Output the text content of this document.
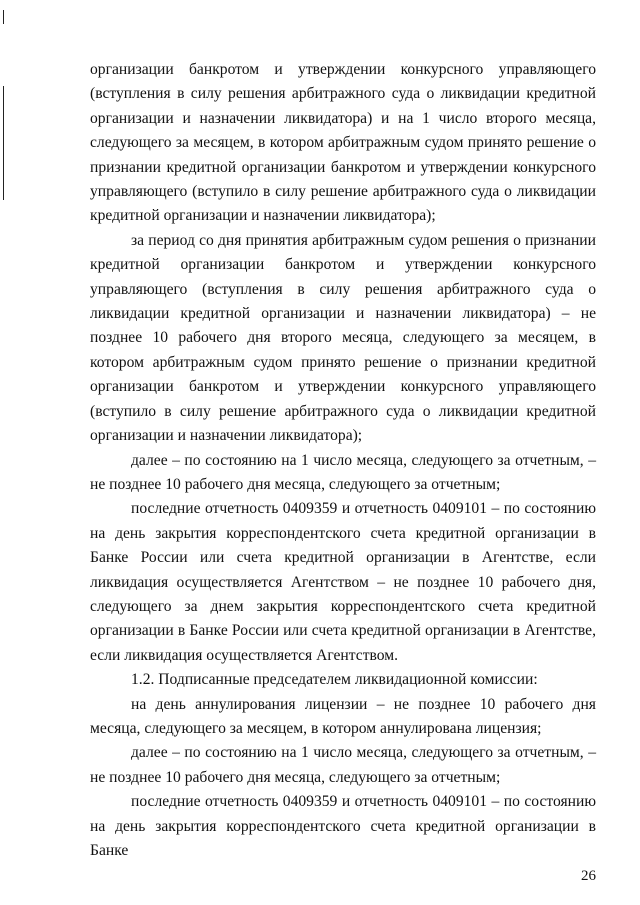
организации банкротом и утверждении конкурсного управляющего (вступления в силу решения арбитражного суда о ликвидации кредитной организации и назначении ликвидатора) и на 1 число второго месяца, следующего за месяцем, в котором арбитражным судом принято решение о признании кредитной организации банкротом и утверждении конкурсного управляющего (вступило в силу решение арбитражного суда о ликвидации кредитной организации и назначении ликвидатора);

за период со дня принятия арбитражным судом решения о признании кредитной организации банкротом и утверждении конкурсного управляющего (вступления в силу решения арбитражного суда о ликвидации кредитной организации и назначении ликвидатора) – не позднее 10 рабочего дня второго месяца, следующего за месяцем, в котором арбитражным судом принято решение о признании кредитной организации банкротом и утверждении конкурсного управляющего (вступило в силу решение арбитражного суда о ликвидации кредитной организации и назначении ликвидатора);

далее – по состоянию на 1 число месяца, следующего за отчетным, – не позднее 10 рабочего дня месяца, следующего за отчетным;

последние отчетность 0409359 и отчетность 0409101 – по состоянию на день закрытия корреспондентского счета кредитной организации в Банке России или счета кредитной организации в Агентстве, если ликвидация осуществляется Агентством – не позднее 10 рабочего дня, следующего за днем закрытия корреспондентского счета кредитной организации в Банке России или счета кредитной организации в Агентстве, если ликвидация осуществляется Агентством.

1.2. Подписанные председателем ликвидационной комиссии:

на день аннулирования лицензии – не позднее 10 рабочего дня месяца, следующего за месяцем, в котором аннулирована лицензия;

далее – по состоянию на 1 число месяца, следующего за отчетным, – не позднее 10 рабочего дня месяца, следующего за отчетным;

последние отчетность 0409359 и отчетность 0409101 – по состоянию на день закрытия корреспондентского счета кредитной организации в Банке

26
